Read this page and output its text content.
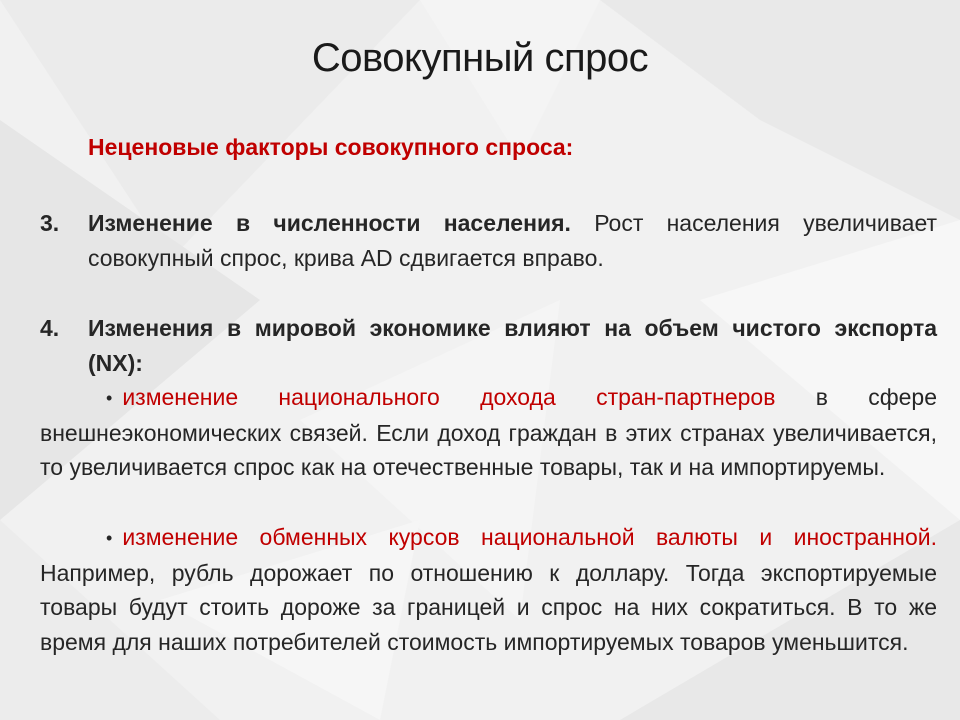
Совокупный спрос
Неценовые факторы совокупного спроса:
3.	Изменение в численности населения. Рост населения увеличивает совокупный спрос, крива AD сдвигается вправо.
4.	Изменения в мировой экономике влияют на объем чистого экспорта (NX):
• изменение национального дохода стран-партнеров в сфере внешнеэкономических связей. Если доход граждан в этих странах увеличивается, то увеличивается спрос как на отечественные товары, так и на импортируемы.
• изменение обменных курсов национальной валюты и иностранной. Например, рубль дорожает по отношению к доллару. Тогда экспортируемые товары будут стоить дороже за границей и спрос на них сократиться. В то же время для наших потребителей стоимость импортируемых товаров уменьшится.
